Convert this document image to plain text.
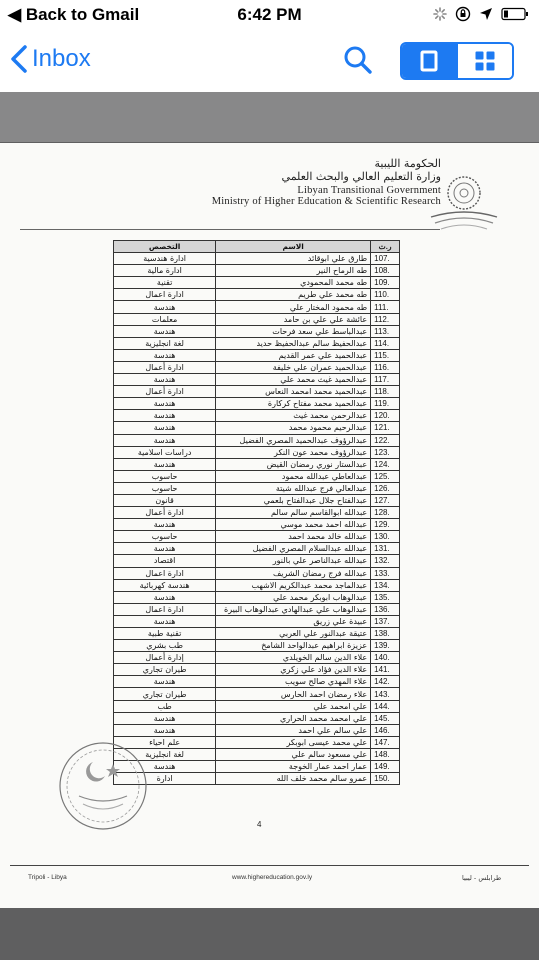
◀ Back to Gmail	6:42 PM
Inbox
الحكومة الليبية
وزارة التعليم العالي والبحث العلمي
Libyan Transitional Government
Ministry of Higher Education & Scientific Research
ر.ت	الاسم	التخصص
107.	طارق علي ابوقائد	ادارة هندسية
108.	طه الرماح النير	ادارة مالية
109.	طه محمد المحمودي	تقنية
110.	طه محمد علي طريم	ادارة اعمال
111.	طه محمود المختار علي	هندسة
112.	عائشة علي علي بن حامد	معلمات
113.	عبدالباسط علي سعد فرحات	هندسة
114.	عبدالحفيظ سالم عبدالحفيظ حديد	لغة انجليزية
115.	عبدالحميد علي عمر القديم	هندسة
116.	عبدالحميد عمران علي خليفة	ادارة أعمال
117.	عبدالحميد غيث محمد علي	هندسة
118.	عبدالحميد محمد امحمد النعاس	ادارة أعمال
119.	عبدالحميد محمد مفتاح كركارة	هندسة
120.	عبدالرحمن محمد غيث	هندسة
121.	عبدالرحيم محمود محمد	هندسة
122.	عبدالرؤوف عبدالحميد المصري الفضيل	هندسة
123.	عبدالرؤوف محمد عون النكر	دراسات اسلامية
124.	عبدالستار نوري رمضان القيض	هندسة
125.	عبدالعاطي عبدالله محمود	حاسوب
126.	عبدالعالي فرج عبدالله شيتة	حاسوب
127.	عبدالفتاح جلال عبدالفتاح بلعمي	قانون
128.	عبدالله ابوالقاسم سالم سالم	ادارة أعمال
129.	عبدالله احمد محمد موسي	هندسة
130.	عبدالله خالد محمد احمد	حاسوب
131.	عبدالله عبدالسلام المصري الفضيل	هندسة
132.	عبدالله عبدالناصر علي بالنور	اقتصاد
133.	عبدالله فرج رمضان الشريف	ادارة اعمال
134.	عبدالماجد محمد عبدالكريم الاشهب	هندسة كهربائية
135.	عبدالوهاب ابوبكر محمد علي	هندسة
136.	عبدالوهاب علي عبدالهادي عبدالوهاب البيرة	ادارة اعمال
137.	عبيدة علي زريق	هندسة
138.	عتيقة عبدالنور علي العربي	تقنية طبية
139.	عزيزة ابراهيم عبدالواحد الشامخ	طب بشري
140.	علاء الدين سالم الخويلدي	إدارة أعمال
141.	علاء الدين فؤاد علي زكري	طيران تجاري
142.	علاء المهدي صالح سويب	هندسة
143.	علاء رمضان احمد الحارس	طيران تجاري
144.	علي امحمد علي	طب
145.	علي امحمد محمد الحراري	هندسة
146.	علي سالم علي احمد	هندسة
147.	علي محمد عيسى ابوبكر	علم احياء
148.	علي مسعود سالم علي	لغة انجليزية
149.	عمار احمد عمار الخوجة	هندسة
150.	عمرو سالم محمد خلف الله	ادارة
4
Tripoli - Libya	www.highereducation.gov.ly	طرابلس - ليبيا
